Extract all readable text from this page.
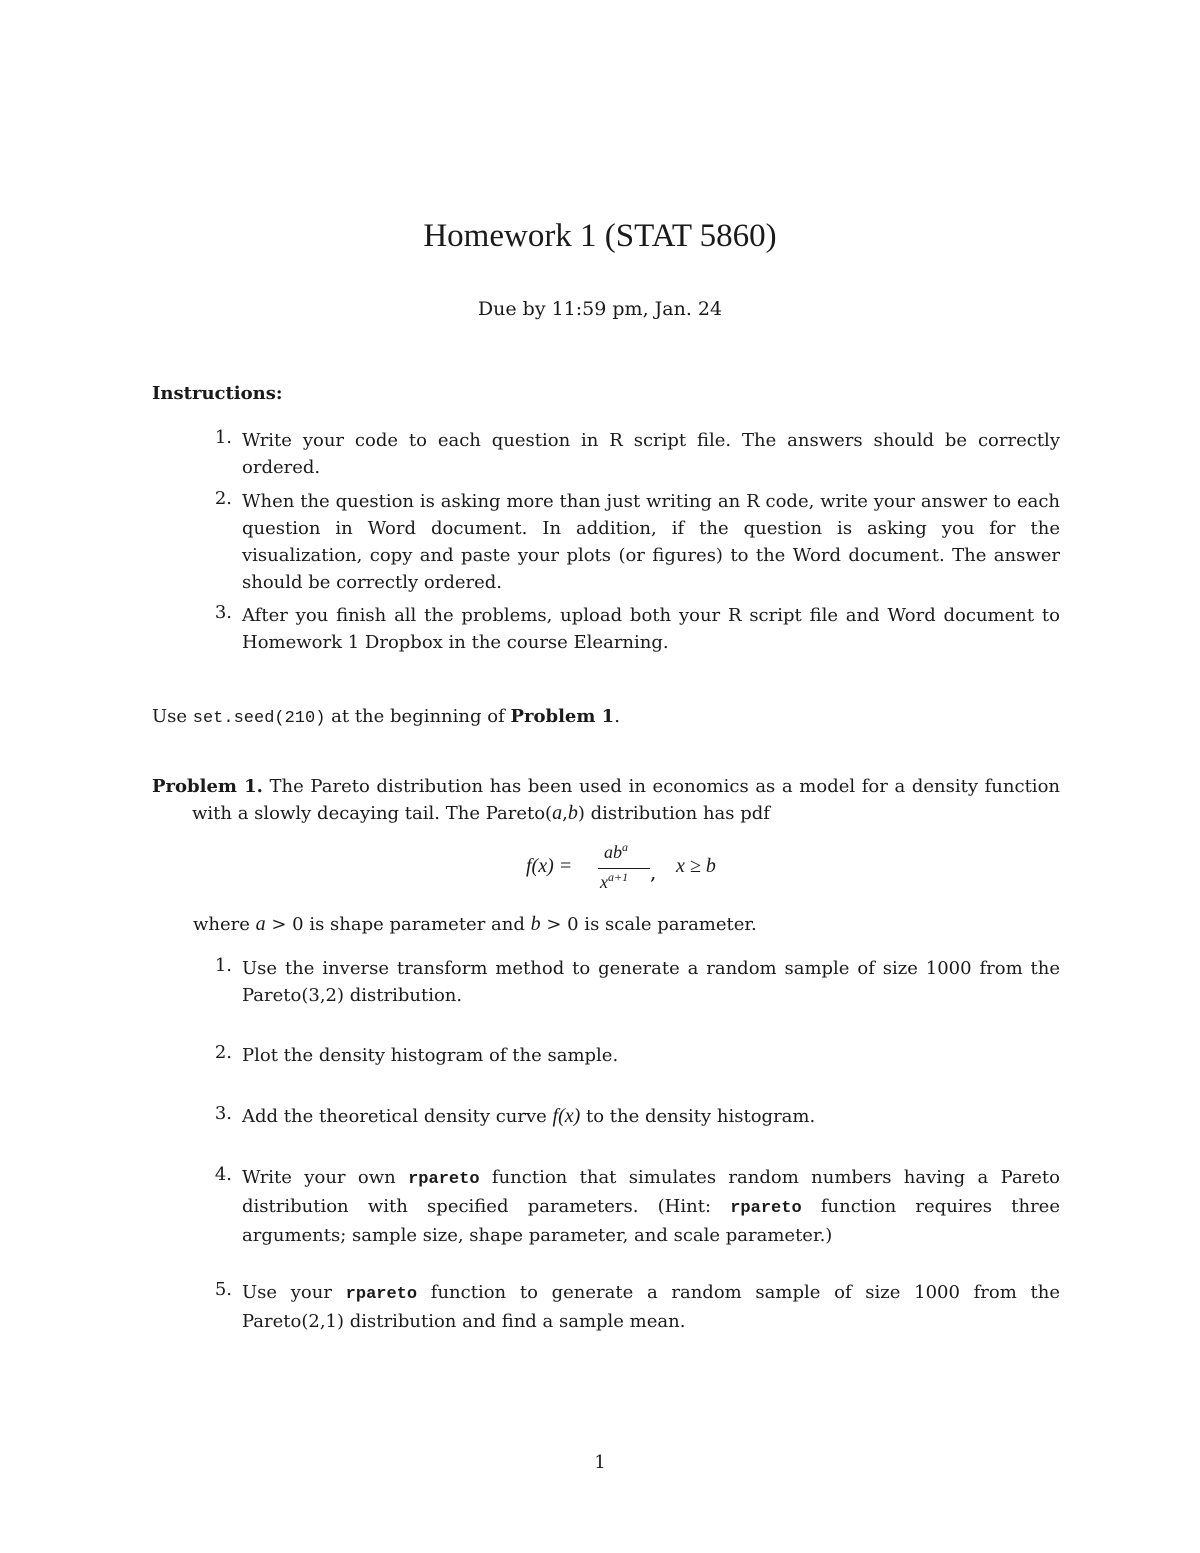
Homework 1 (STAT 5860)
Due by 11:59 pm, Jan. 24
Instructions:
1. Write your code to each question in R script file. The answers should be correctly ordered.
2. When the question is asking more than just writing an R code, write your answer to each question in Word document. In addition, if the question is asking you for the visualization, copy and paste your plots (or figures) to the Word document. The answer should be correctly ordered.
3. After you finish all the problems, upload both your R script file and Word document to Homework 1 Dropbox in the course Elearning.
Use set.seed(210) at the beginning of Problem 1.
Problem 1. The Pareto distribution has been used in economics as a model for a density function with a slowly decaying tail. The Pareto(a,b) distribution has pdf
f(x) =
$ab^a$
$x^{a+1}$ , x ≥ b
where a > 0 is shape parameter and b > 0 is scale parameter.
1. Use the inverse transform method to generate a random sample of size 1000 from the Pareto(3,2) distribution.
2. Plot the density histogram of the sample.
3. Add the theoretical density curve f(x) to the density histogram.
4. Write your own rpareto function that simulates random numbers having a Pareto distribution with specified parameters. (Hint: rpareto function requires three arguments; sample size, shape parameter, and scale parameter.)
5. Use your rpareto function to generate a random sample of size 1000 from the Pareto(2,1) distribution and find a sample mean.
1
